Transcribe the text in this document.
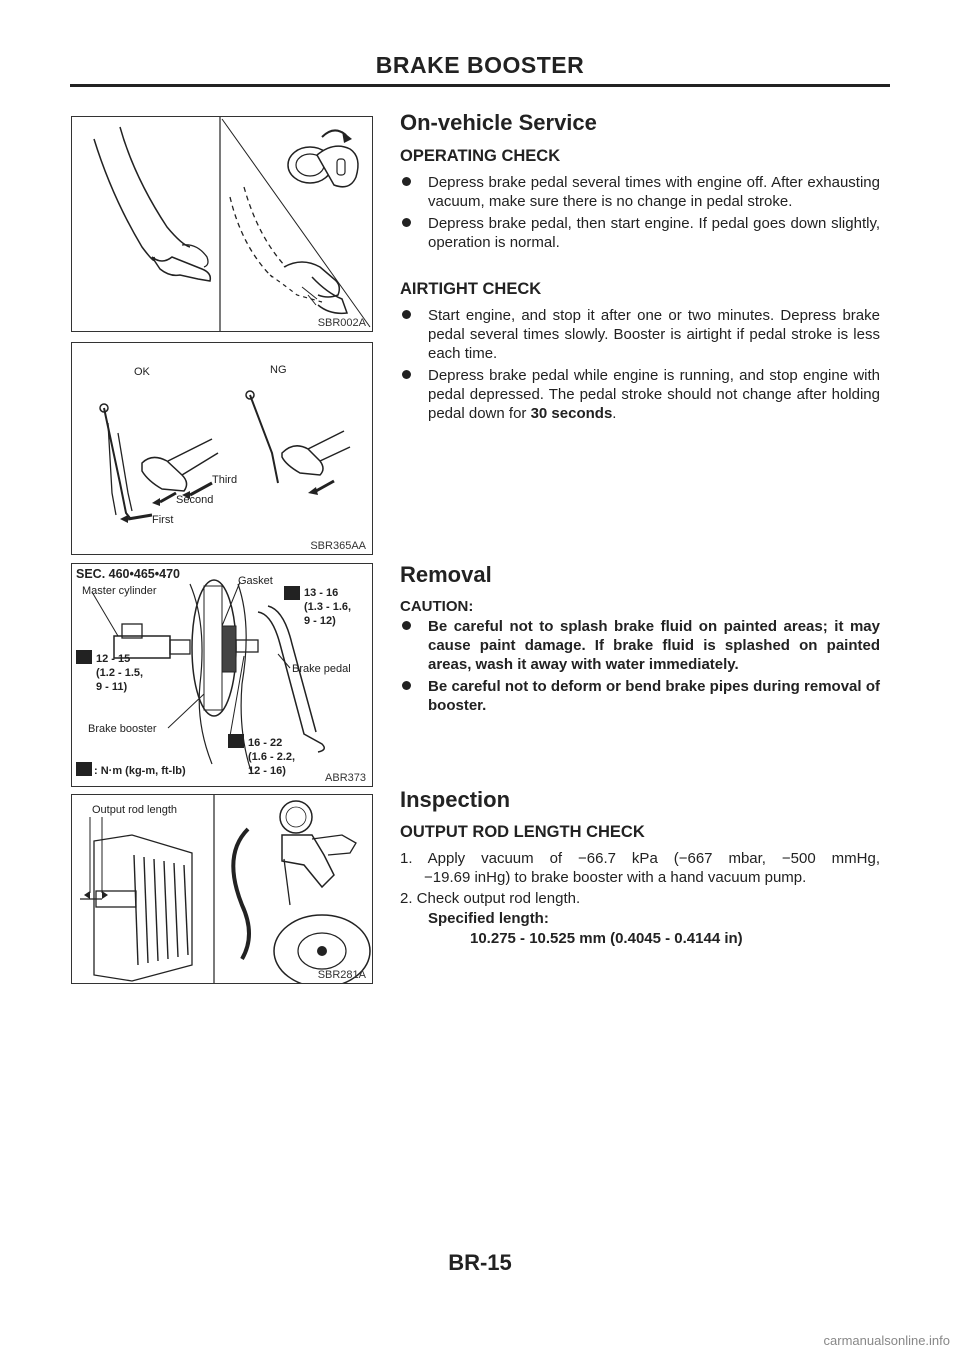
BRAKE BOOSTER
SBR002A
OK	NG
Third
Second
First
SBR365AA
SEC. 460•465•470
Master cylinder
Gasket
13 - 16
(1.3 - 1.6,
9 - 12)
Brake pedal
12 - 15
(1.2 - 1.5,
9 - 11)
Brake booster
16 - 22
(1.6 - 2.2,
12 - 16)
: N·m (kg-m, ft-lb)
ABR373
Output rod length
SBR281A
On-vehicle Service
OPERATING CHECK
Depress brake pedal several times with engine off. After exhausting vacuum, make sure there is no change in pedal stroke.
Depress brake pedal, then start engine. If pedal goes down slightly, operation is normal.
AIRTIGHT CHECK
Start engine, and stop it after one or two minutes. Depress brake pedal several times slowly. Booster is airtight if pedal stroke is less each time.
Depress brake pedal while engine is running, and stop engine with pedal depressed. The pedal stroke should not change after holding pedal down for 30 seconds.
Removal
CAUTION:
Be careful not to splash brake fluid on painted areas; it may cause paint damage. If brake fluid is splashed on painted areas, wash it away with water immediately.
Be careful not to deform or bend brake pipes during removal of booster.
Inspection
OUTPUT ROD LENGTH CHECK
1. Apply vacuum of −66.7 kPa (−667 mbar, −500 mmHg,
−19.69 inHg) to brake booster with a hand vacuum pump.
2. Check output rod length.
Specified length:
10.275 - 10.525 mm (0.4045 - 0.4144 in)
BR-15
carmanualsonline.info
